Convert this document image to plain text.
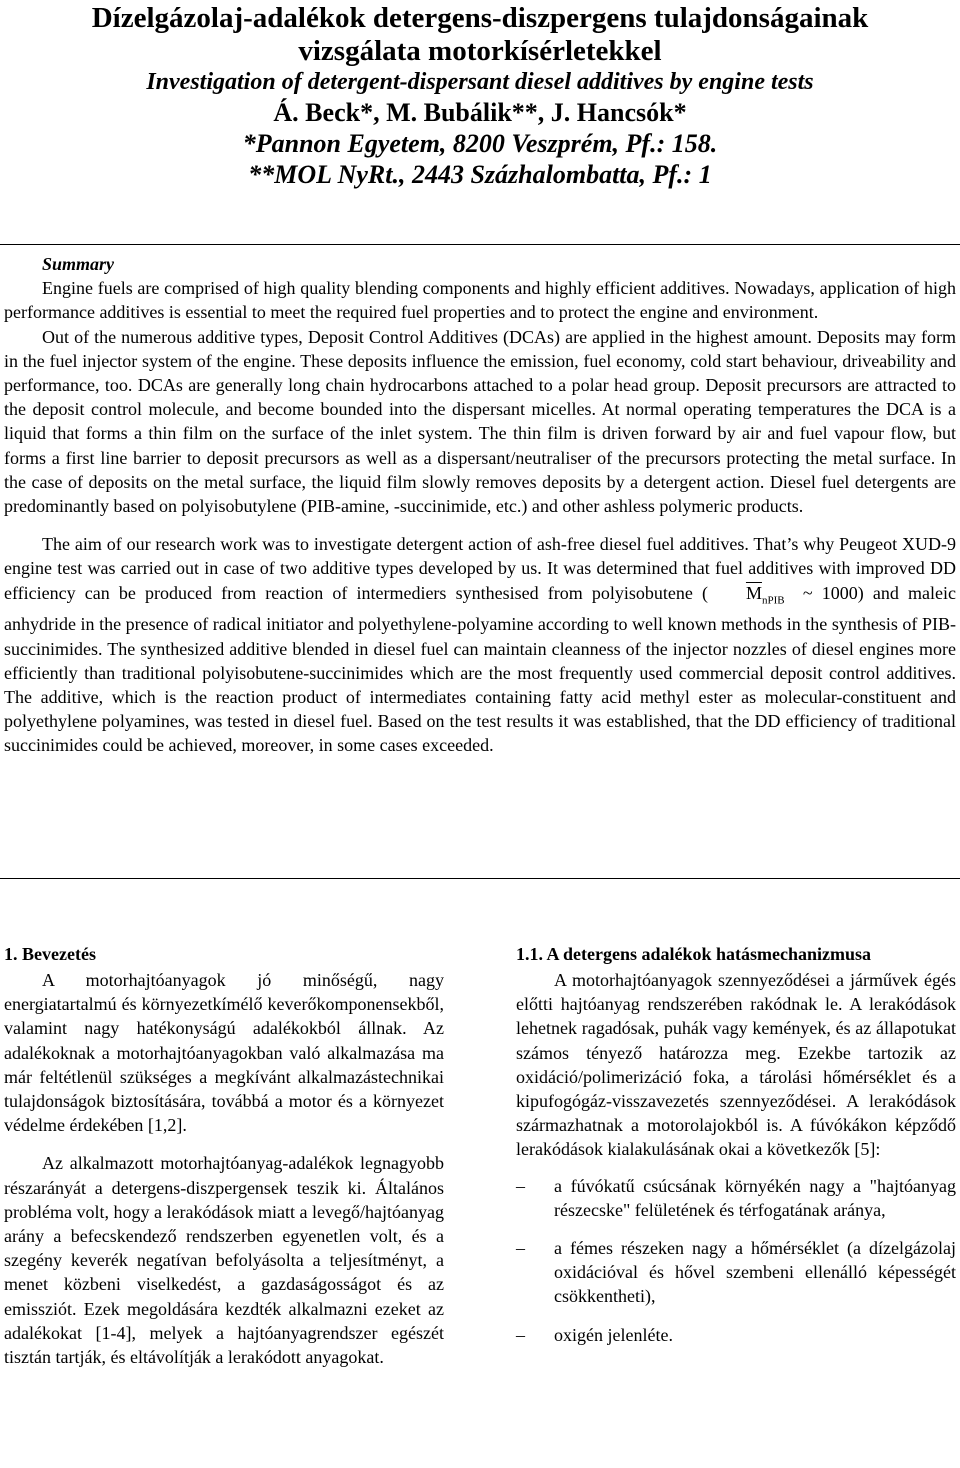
Dízelgázolaj-adalékok detergens-diszpergens tulajdonságainak
vizsgálata motorkísérletekkel
Investigation of detergent-dispersant diesel additives by engine tests
Á. Beck*, M. Bubálik**, J. Hancsók*
*Pannon Egyetem, 8200 Veszprém, Pf.: 158.
**MOL NyRt., 2443 Százhalombatta, Pf.: 1
Summary

Engine fuels are comprised of high quality blending components and highly efficient additives. Nowadays, application of high performance additives is essential to meet the required fuel properties and to protect the engine and environment.

Out of the numerous additive types, Deposit Control Additives (DCAs) are applied in the highest amount. Deposits may form in the fuel injector system of the engine. These deposits influence the emission, fuel economy, cold start behaviour, driveability and performance, too. DCAs are generally long chain hydrocarbons attached to a polar head group. Deposit precursors are attracted to the deposit control molecule, and become bounded into the dispersant micelles. At normal operating temperatures the DCA is a liquid that forms a thin film on the surface of the inlet system. The thin film is driven forward by air and fuel vapour flow, but forms a first line barrier to deposit precursors as well as a dispersant/neutraliser of the precursors protecting the metal surface. In the case of deposits on the metal surface, the liquid film slowly removes deposits by a detergent action. Diesel fuel detergents are predominantly based on polyisobutylene (PIB-amine, -succinimide, etc.) and other ashless polymeric products.

The aim of our research work was to investigate detergent action of ash-free diesel fuel additives. That’s why Peugeot XUD-9 engine test was carried out in case of two additive types developed by us. It was determined that fuel additives with improved DD efficiency can be produced from reaction of intermediers synthesised from polyisobutene ( $\overline{M}_{nPIB}$ ~ 1000) and maleic anhydride in the presence of radical initiator and polyethylene-polyamine according to well known methods in the synthesis of PIB-succinimides. The synthesized additive blended in diesel fuel can maintain cleanness of the injector nozzles of diesel engines more efficiently than traditional polyisobutene-succinimides which are the most frequently used commercial deposit control additives. The additive, which is the reaction product of intermediates containing fatty acid methyl ester as molecular-constituent and polyethylene polyamines, was tested in diesel fuel. Based on the test results it was established, that the DD efficiency of traditional succinimides could be achieved, moreover, in some cases exceeded.

1. Bevezetés

A motorhajtóanyagok jó minőségű, nagy energiatartalmú és környezetkímélő keverőkomponensekből, valamint nagy hatékonyságú adalékokból állnak. Az adalékoknak a motorhajtóanyagokban való alkalmazása ma már feltétlenül szükséges a megkívánt alkalmazástechnikai tulajdonságok biztosítására, továbbá a motor és a környezet védelme érdekében [1,2].

Az alkalmazott motorhajtóanyag-adalékok legnagyobb részarányát a detergens-diszpergensek teszik ki. Általános probléma volt, hogy a lerakódások miatt a levegő/hajtóanyag arány a befecskendező rendszerben egyenetlen volt, és a szegény keverék negatívan befolyásolta a teljesítményt, a menet közbeni viselkedést, a gazdaságosságot és az emissziót. Ezek megoldására kezdték alkalmazni ezeket az adalékokat [1-4], melyek a hajtóanyagrendszer egészét tisztán tartják, és eltávolítják a lerakódott anyagokat.

1.1. A detergens adalékok hatásmechanizmusa

A motorhajtóanyagok szennyeződései a járművek égés előtti hajtóanyag rendszerében rakódnak le. A lerakódások lehetnek ragadósak, puhák vagy kemények, és az állapotukat számos tényező határozza meg. Ezekbe tartozik az oxidáció/polimerizáció foka, a tárolási hőmérséklet és a kipufogógáz-visszavezetés szennyeződései. A lerakódások származhatnak a motorolajokból is. A fúvókákon képződő lerakódások kialakulásának okai a következők [5]:

– a fúvókatű csúcsának környékén nagy a "hajtóanyag részecske" felületének és térfogatának aránya,
– a fémes részeken nagy a hőmérséklet (a dízelgázolaj oxidációval és hővel szembeni ellenálló képességét csökkentheti),
– oxigén jelenléte.
